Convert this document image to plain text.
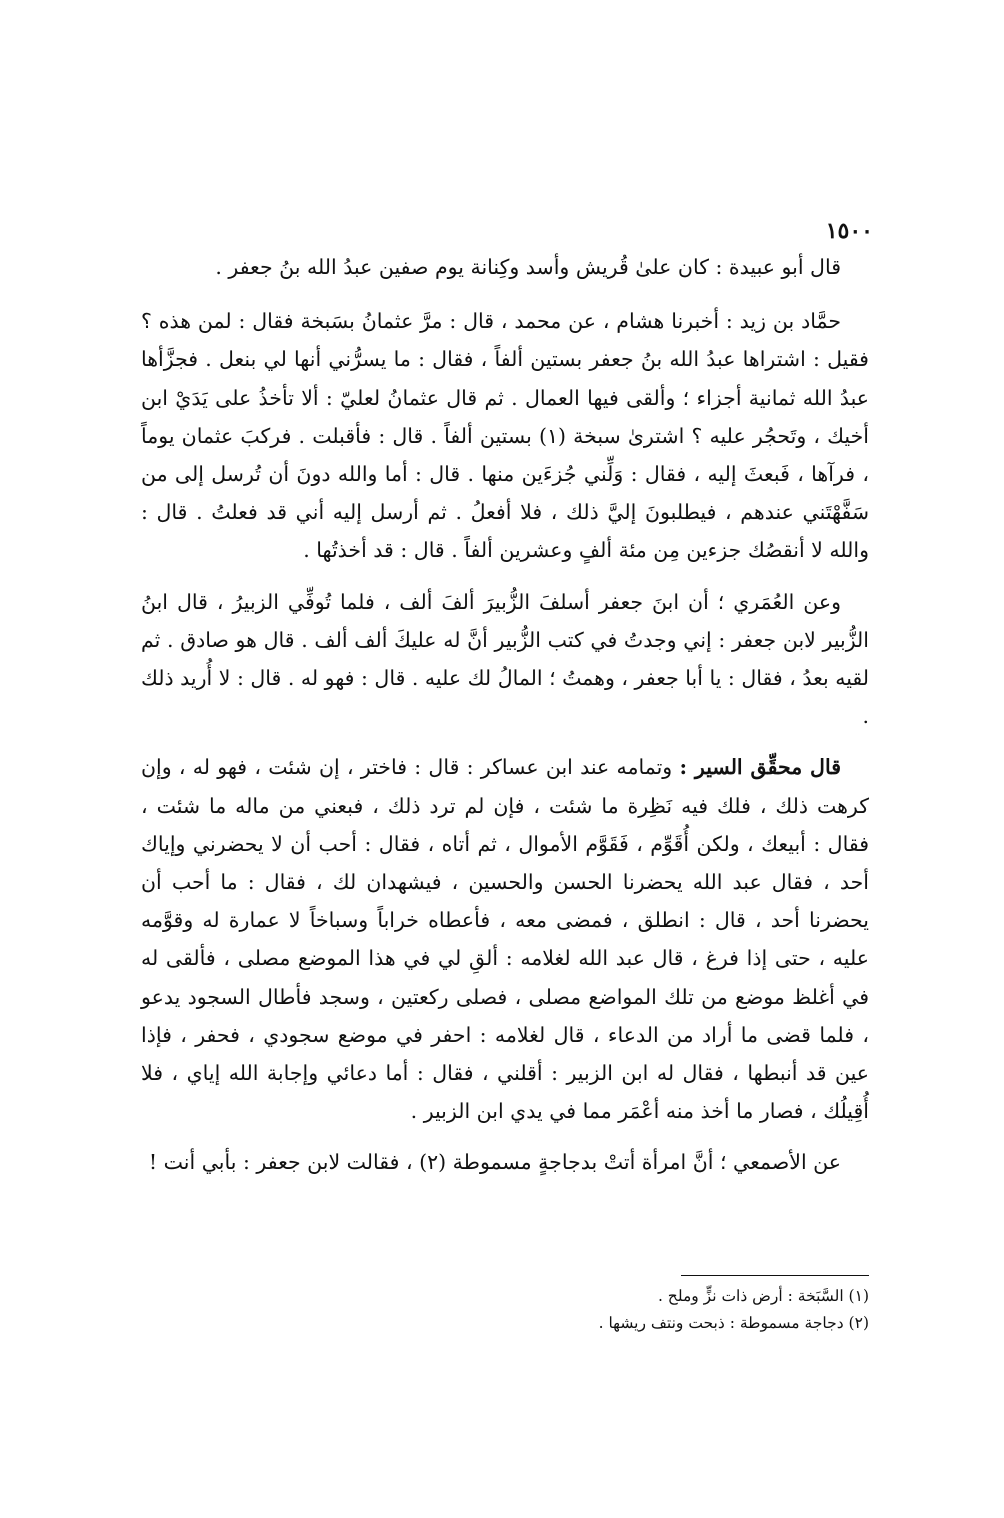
١٥٠٠

قال أبو عبيدة : كان علىٰ قُريش وأسد وكِنانة يوم صفين عبدُ الله بنُ جعفر .

حمَّاد بن زيد : أخبرنا هشام ، عن محمد ، قال : مرَّ عثمانُ بسَبخة فقال : لمن هذه ؟ فقيل : اشتراها عبدُ الله بنُ جعفر بستين ألفاً ، فقال : ما يسرُّني أنها لي بنعل . فجزَّأها عبدُ الله ثمانية أجزاء ؛ وألقى فيها العمال . ثم قال عثمانُ لعليّ : ألا تأخذُ على يَدَيْ ابن أخيك ، وتَحجُر عليه ؟ اشترىٰ سبخة (١) بستين ألفاً . قال : فأقبلت . فركبَ عثمان يوماً ، فرآها ، فَبعثَ إليه ، فقال : وَلِّني جُزءَين منها . قال : أما والله دونَ أن تُرسل إلى من سَفَّهْتَني عندهم ، فيطلبونَ إليَّ ذلك ، فلا أفعلُ . ثم أرسل إليه أني قد فعلتُ . قال : والله لا أنقصُك جزءين مِن مئة ألفٍ وعشرين ألفاً . قال : قد أخذتُها .

وعن العُمَري ؛ أن ابنَ جعفر أسلفَ الزُّبيرَ ألفَ ألف ، فلما تُوفِّي الزبيرُ ، قال ابنُ الزُّبير لابن جعفر : إني وجدتُ في كتب الزُّبير أنَّ له عليكَ ألف ألف . قال هو صادق . ثم لقيه بعدُ ، فقال : يا أبا جعفر ، وهمتُ ؛ المالُ لك عليه . قال : فهو له . قال : لا أُريد ذلك .

قال محقِّق السير : وتمامه عند ابن عساكر : قال : فاختر ، إن شئت ، فهو له ، وإن كرهت ذلك ، فلك فيه نَظِرة ما شئت ، فإن لم ترد ذلك ، فبعني من ماله ما شئت ، فقال : أبيعك ، ولكن أُقَوِّم ، فَقَوَّم الأموال ، ثم أتاه ، فقال : أحب أن لا يحضرني وإياك أحد ، فقال عبد الله يحضرنا الحسن والحسين ، فيشهدان لك ، فقال : ما أحب أن يحضرنا أحد ، قال : انطلق ، فمضى معه ، فأعطاه خراباً وسباخاً لا عمارة له وقوَّمه عليه ، حتى إذا فرغ ، قال عبد الله لغلامه : ألقِ لي في هذا الموضع مصلى ، فألقى له في أغلظ موضع من تلك المواضع مصلى ، فصلى ركعتين ، وسجد فأطال السجود يدعو ، فلما قضى ما أراد من الدعاء ، قال لغلامه : احفر في موضع سجودي ، فحفر ، فإذا عين قد أنبطها ، فقال له ابن الزبير : أقلني ، فقال : أما دعائي وإجابة الله إياي ، فلا أُقِيلُك ، فصار ما أخذ منه أعْمَر مما في يدي ابن الزبير .

عن الأصمعي ؛ أنَّ امرأة أتتْ بدجاجةٍ مسموطة (٢) ، فقالت لابن جعفر : بأبي أنت !

(١) السَّبَخة : أرض ذات نزٍّ وملح .
(٢) دجاجة مسموطة : ذبحت ونتف ريشها .
